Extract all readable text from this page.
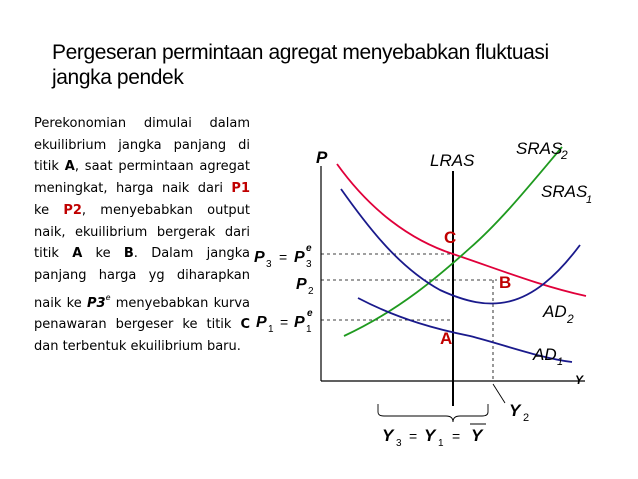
Pergeseran permintaan agregat menyebabkan fluktuasi
jangka pendek
Perekonomian dimulai dalam ekuilibrium jangka panjang di titik A, saat permintaan agregat meningkat, harga naik dari P1 ke P2, menyebabkan output naik, ekuilibrium bergerak dari titik A ke B. Dalam jangka panjang harga yg diharapkan naik ke P3e menyebabkan kurva penawaran bergeser ke titik C dan terbentuk ekuilibrium baru.
P
Y
LRAS
SRAS
2
SRAS
1
AD 2
AD 1
C
B
A
P 3 = P 3
e
P 2
P 1 = P 1
e
Y 2
Y 3 = Y 1 = Y
